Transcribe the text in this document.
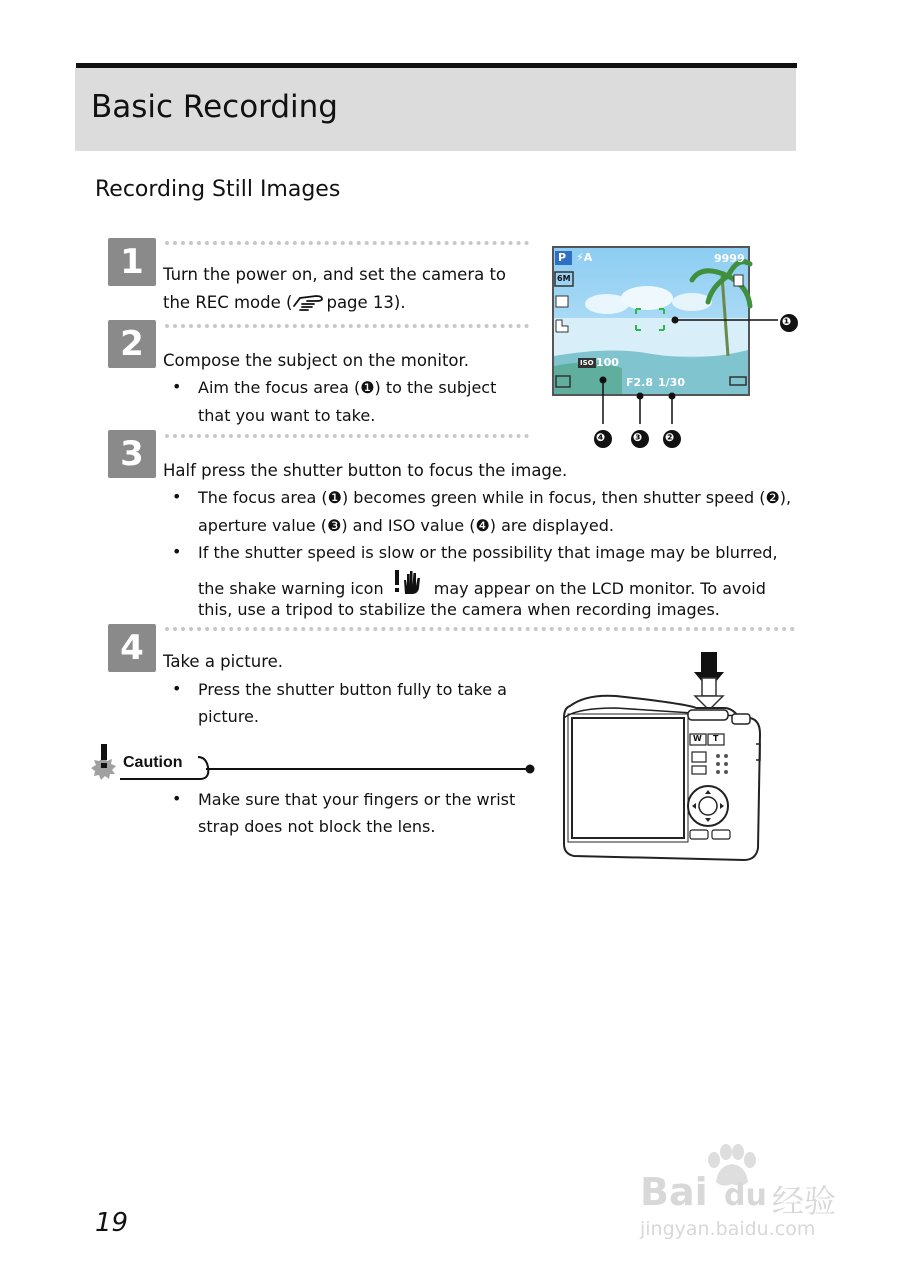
Basic Recording
Recording Still Images
1	Turn the power on, and set the camera to
the REC mode ( page 13).
2	Compose the subject on the monitor.
• Aim the focus area (❶) to the subject
that you want to take.
3	Half press the shutter button to focus the image.
• The focus area (❶) becomes green while in focus, then shutter speed (❷),
aperture value (❸) and ISO value (❹) are displayed.
• If the shutter speed is slow or the possibility that image may be blurred,
the shake warning icon	may appear on the LCD monitor. To avoid
this, use a tripod to stabilize the camera when recording images.
4	Take a picture.
• Press the shutter button fully to take a
picture.
Caution
• Make sure that your fingers or the wrist
strap does not block the lens.
P ⚡A	9999
6M
ISO 100
F2.8 1/30
❶
❹	❸ ❷
W T
19
Bai du 经验
jingyan.baidu.com
